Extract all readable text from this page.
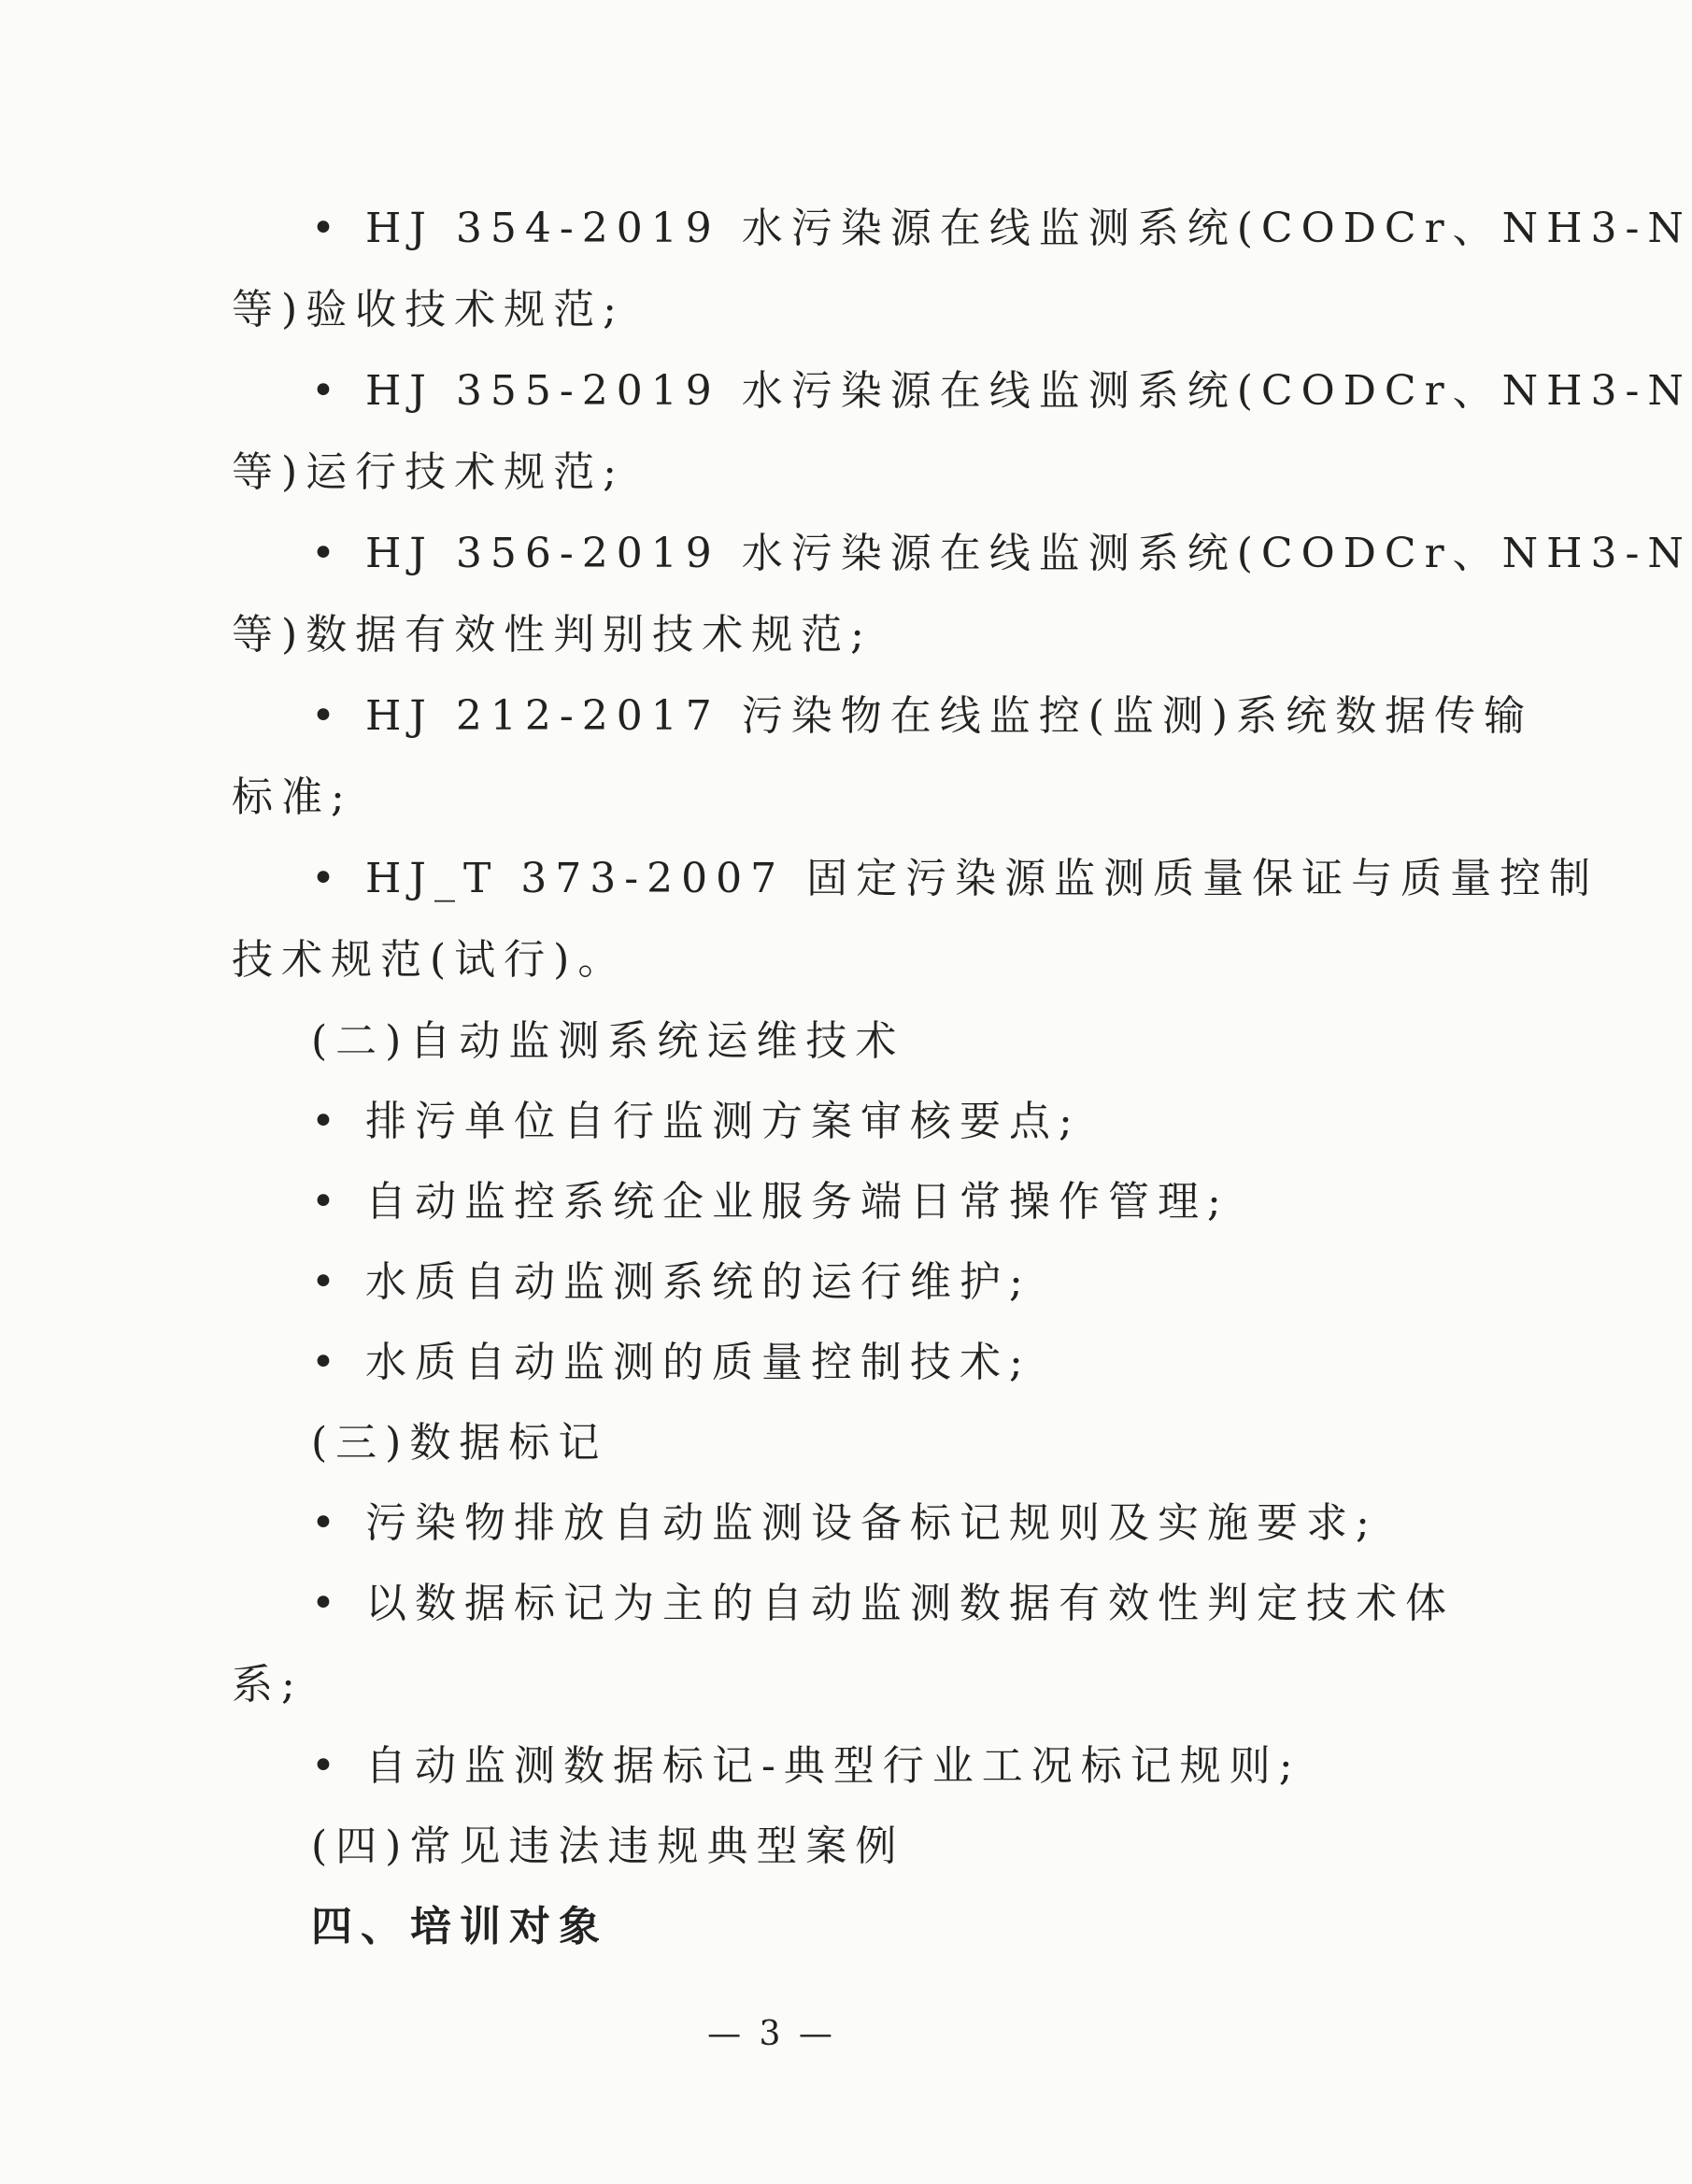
• HJ 354-2019 水污染源在线监测系统(CODCr、NH3-N
等)验收技术规范;
• HJ 355-2019 水污染源在线监测系统(CODCr、NH3-N
等)运行技术规范;
• HJ 356-2019 水污染源在线监测系统(CODCr、NH3-N
等)数据有效性判别技术规范;
• HJ 212-2017 污染物在线监控(监测)系统数据传输
标准;
• HJ_T 373-2007 固定污染源监测质量保证与质量控制
技术规范(试行)。
(二)自动监测系统运维技术
• 排污单位自行监测方案审核要点;
• 自动监控系统企业服务端日常操作管理;
• 水质自动监测系统的运行维护;
• 水质自动监测的质量控制技术;
(三)数据标记
• 污染物排放自动监测设备标记规则及实施要求;
• 以数据标记为主的自动监测数据有效性判定技术体
系;
• 自动监测数据标记-典型行业工况标记规则;
(四)常见违法违规典型案例
四、培训对象
— 3 —
